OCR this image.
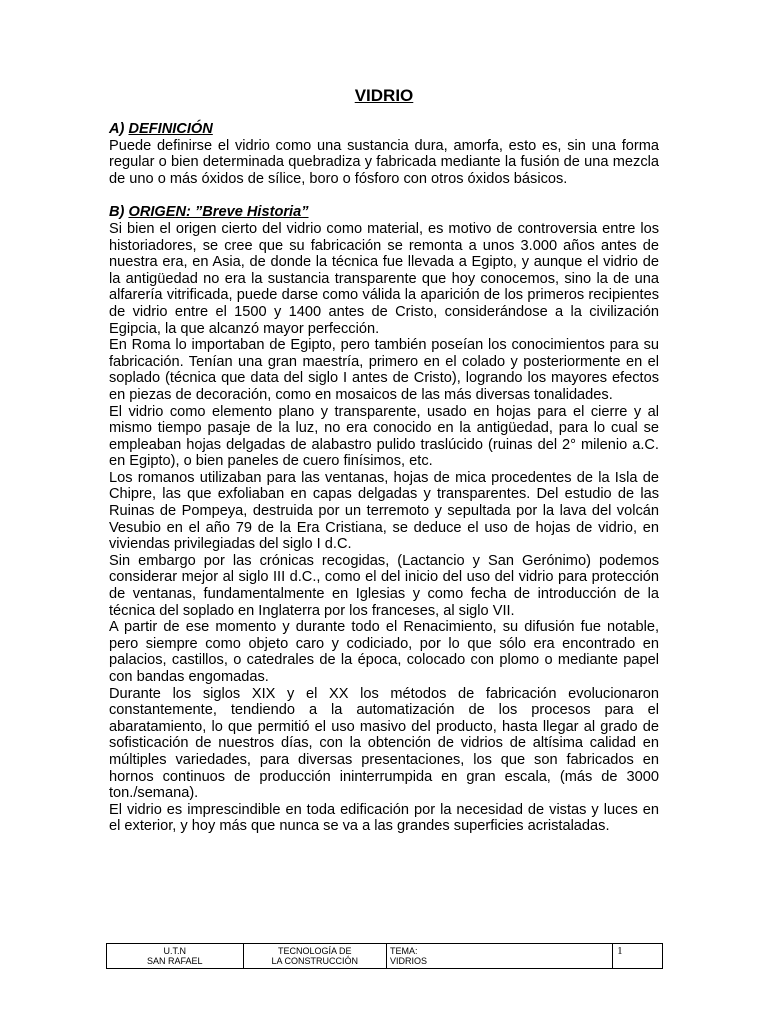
VIDRIO

A) DEFINICIÓN

Puede definirse el vidrio como una sustancia dura, amorfa, esto es, sin una forma regular o bien determinada quebradiza y fabricada mediante la fusión de una mezcla de uno o más óxidos de sílice, boro o fósforo con otros óxidos básicos.

B) ORIGEN: ”Breve Historia”

Si bien el origen cierto del vidrio como material, es motivo de controversia entre los historiadores, se cree que su fabricación se remonta a unos 3.000 años antes de nuestra era, en Asia, de donde la técnica fue llevada a Egipto, y aunque el vidrio de la antigüedad no era la sustancia transparente que hoy conocemos, sino la de una alfarería vitrificada, puede darse como válida la aparición de los primeros recipientes de vidrio entre el 1500 y 1400 antes de Cristo, considerándose a la civilización Egipcia, la que alcanzó mayor perfección.

En Roma lo importaban de Egipto, pero también poseían los conocimientos para su fabricación. Tenían una gran maestría, primero en el colado y posteriormente en el soplado (técnica que data del siglo I antes de Cristo), logrando los mayores efectos en piezas de decoración, como en mosaicos de las más diversas tonalidades.

El vidrio como elemento plano y transparente, usado en hojas para el cierre y al mismo tiempo pasaje de la luz, no era conocido en la antigüedad, para lo cual se empleaban hojas delgadas de alabastro pulido traslúcido (ruinas del 2° milenio a.C. en Egipto), o bien paneles de cuero finísimos, etc.

Los romanos utilizaban para las ventanas, hojas de mica procedentes de la Isla de Chipre, las que exfoliaban en capas delgadas y transparentes. Del estudio de las Ruinas de Pompeya, destruida por un terremoto y sepultada por la lava del volcán Vesubio en el año 79 de la Era Cristiana, se deduce el uso de hojas de vidrio, en viviendas privilegiadas del siglo I d.C.

Sin embargo por las crónicas recogidas, (Lactancio y San Gerónimo) podemos considerar mejor al siglo III d.C., como el del inicio del uso del vidrio para protección de ventanas, fundamentalmente en Iglesias y como fecha de introducción de la técnica del soplado en Inglaterra por los franceses, al siglo VII.

A partir de ese momento y durante todo el Renacimiento, su difusión fue notable, pero siempre como objeto caro y codiciado, por lo que sólo era encontrado en palacios, castillos, o catedrales de la época, colocado con plomo o mediante papel con bandas engomadas.

Durante los siglos XIX y el XX los métodos de fabricación evolucionaron constantemente, tendiendo a la automatización de los procesos para el abaratamiento, lo que permitió el uso masivo del producto, hasta llegar al grado de sofisticación de nuestros días, con la obtención de vidrios de altísima calidad en múltiples variedades, para diversas presentaciones, los que son fabricados en hornos continuos de producción ininterrumpida en gran escala, (más de 3000 ton./semana).

El vidrio es imprescindible en toda edificación por la necesidad de vistas y luces en el exterior, y hoy más que nunca se va a las grandes superficies acristaladas.

U.T.N
SAN RAFAEL
TECNOLOGÍA DE
LA CONSTRUCCIÓN
TEMA:
VIDRIOS
1
